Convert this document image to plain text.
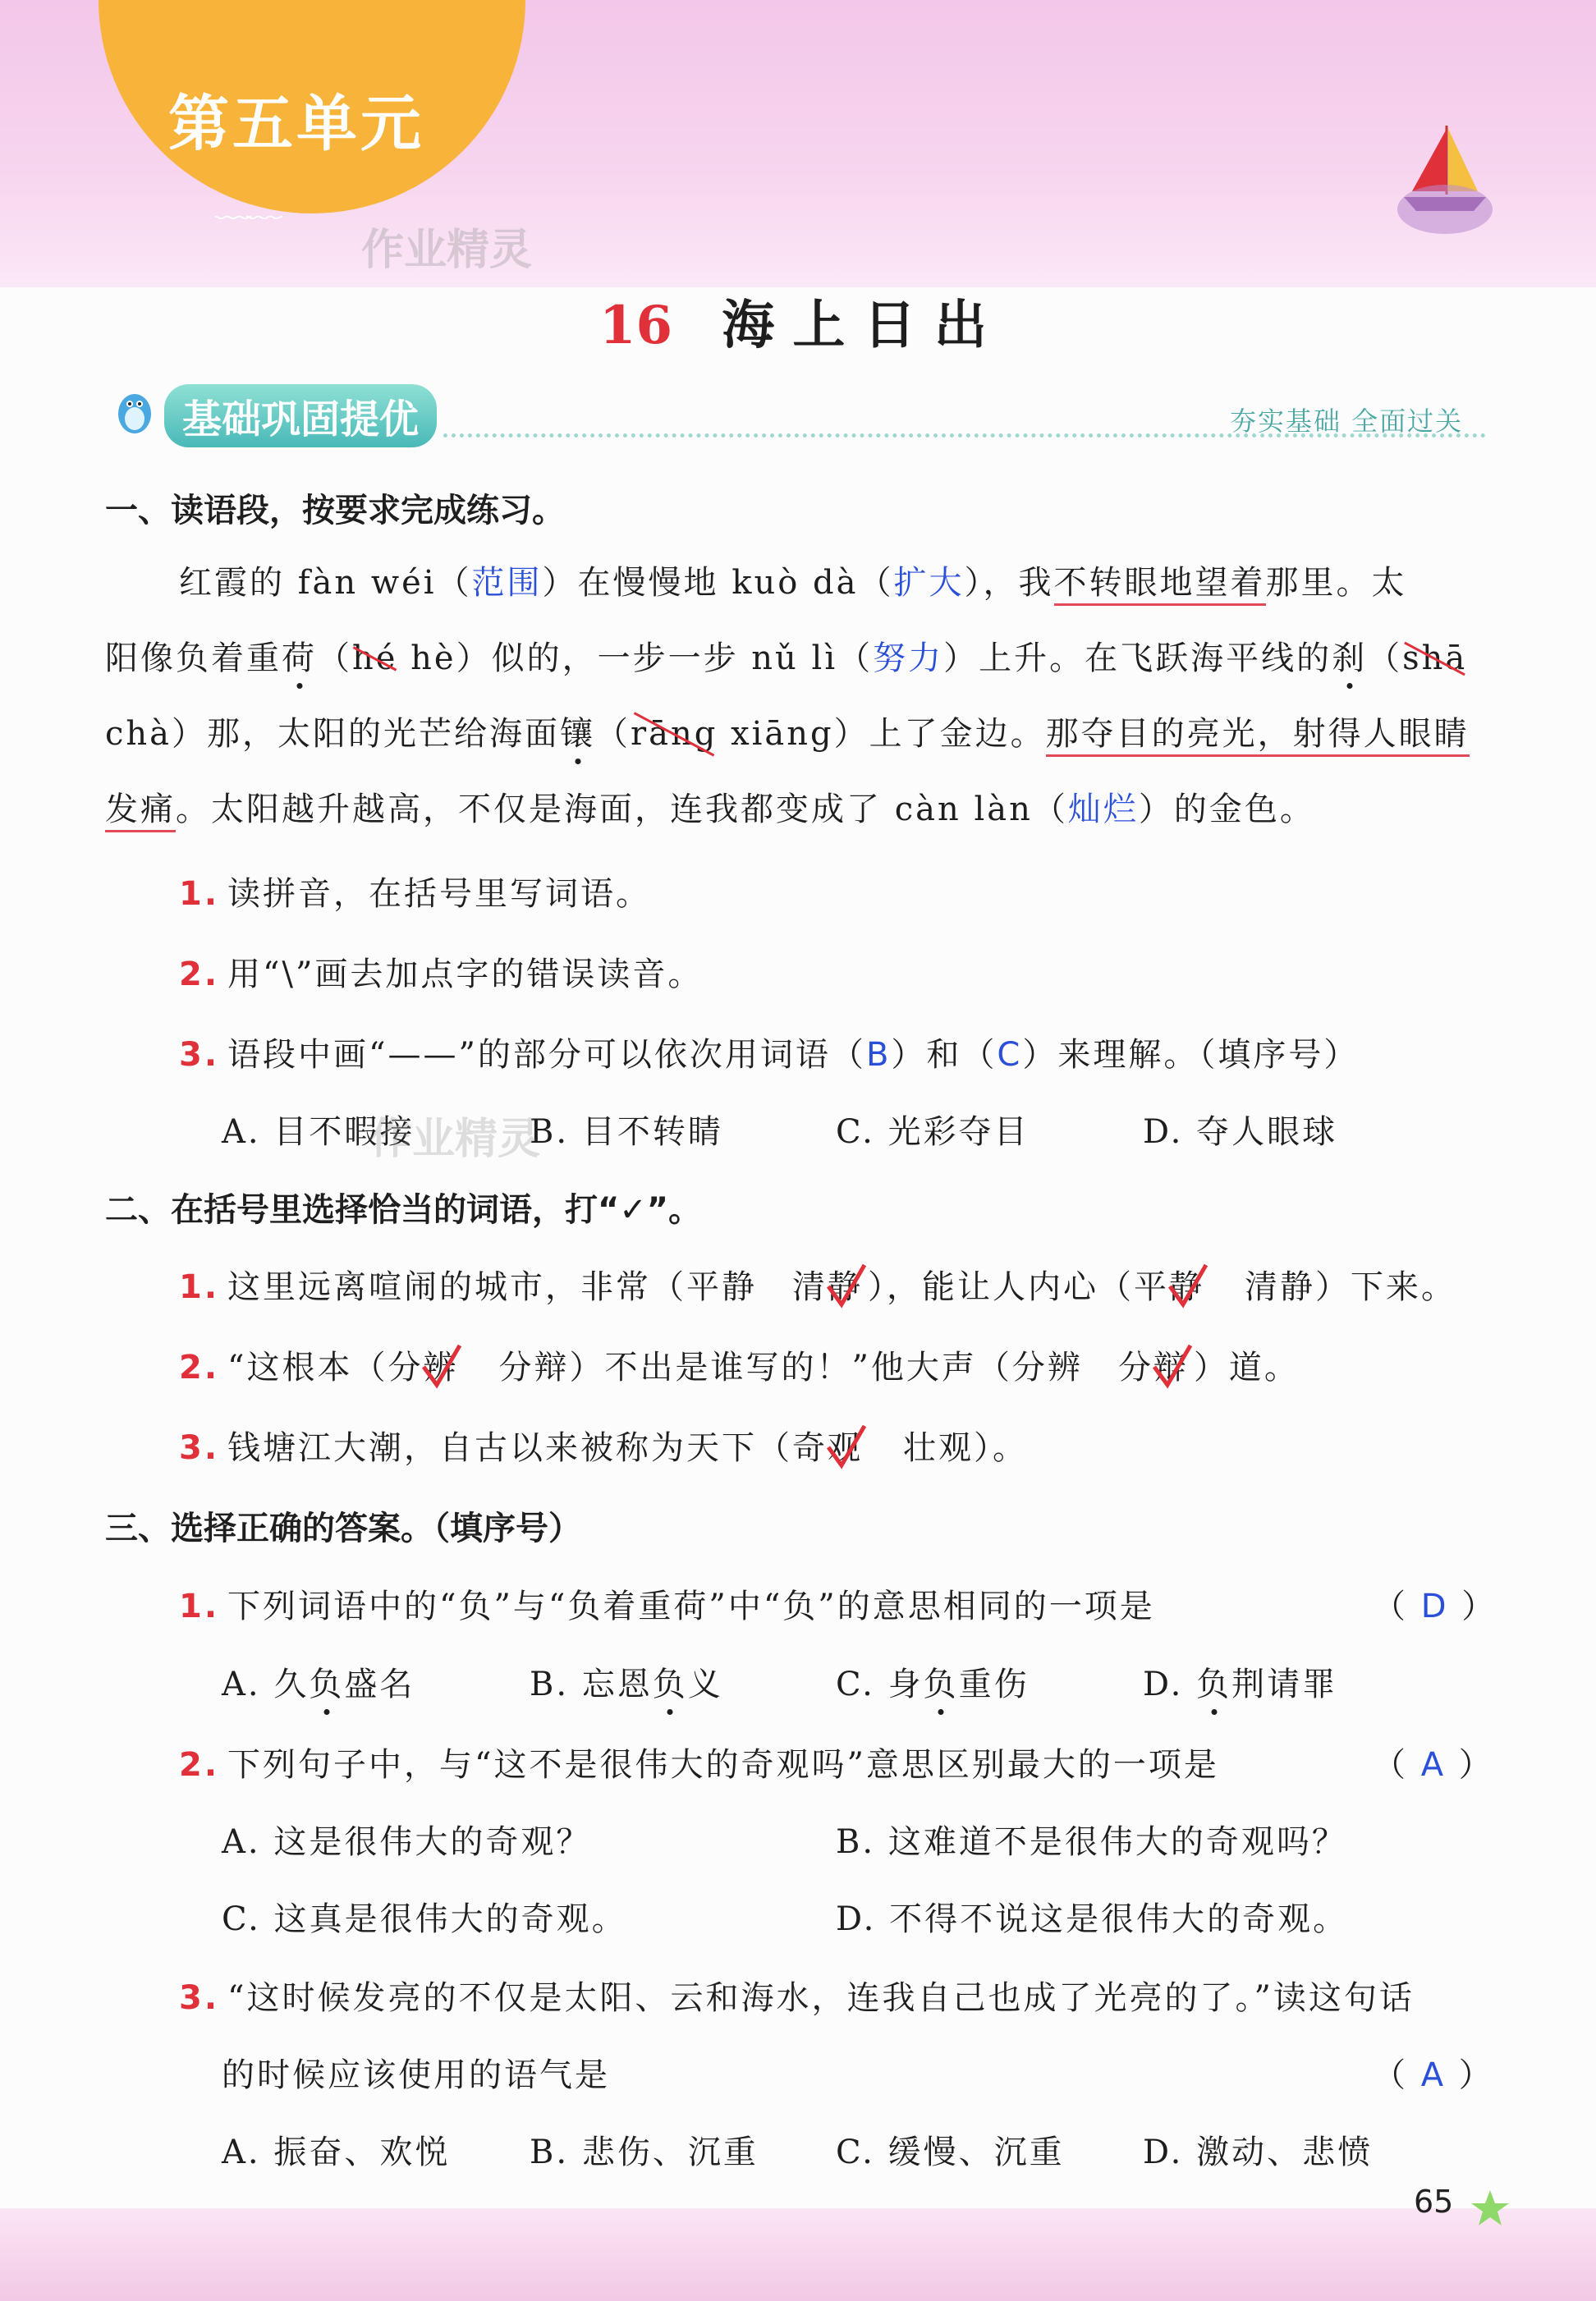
第五单元
﹏﹏
作业精灵
16 海 上 日 出
基础巩固提优	夯实基础 全面过关
一、读语段，按要求完成练习。
红霞的 fàn wéi（范围）在慢慢地 kuò dà（扩大），我不转眼地望着那里。太
阳像负着重荷（hé hè）似的，一步一步 nǔ lì（努力）上升。在飞跃海平线的刹（shā
chà）那，太阳的光芒给海面镶（rāng xiāng）上了金边。那夺目的亮光，射得人眼睛
发痛。太阳越升越高，不仅是海面，连我都变成了 càn làn（灿烂）的金色。
1. 读拼音，在括号里写词语。
2. 用“\”画去加点字的错误读音。
3. 语段中画“——”的部分可以依次用词语（B）和（C）来理解。（填序号）
A. 目不暇接	B. 目不转睛	C. 光彩夺目	D. 夺人眼球
作业精灵
二、在括号里选择恰当的词语，打“✓”。
1. 这里远离喧闹的城市，非常（平静　清静 ），能让人内心（平静　清静）下来。
2. “这根本（分辨　分辩）不出是谁写的！”他大声（分辨　分辩 ）道。
3. 钱塘江大潮，自古以来被称为天下（奇观　壮观）。
三、选择正确的答案。（填序号）
1. 下列词语中的“负”与“负着重荷”中“负”的意思相同的一项是	（ D ）
A. 久负盛名	B. 忘恩负义	C. 身负重伤	D. 负荆请罪
2. 下列句子中，与“这不是很伟大的奇观吗”意思区别最大的一项是	（ A ）
A. 这是很伟大的奇观？	B. 这难道不是很伟大的奇观吗？
C. 这真是很伟大的奇观。	D. 不得不说这是很伟大的奇观。
3. “这时候发亮的不仅是太阳、云和海水，连我自己也成了光亮的了。”读这句话
的时候应该使用的语气是	（ A ）
A. 振奋、欢悦 B. 悲伤、沉重 C. 缓慢、沉重 D. 激动、悲愤
65
